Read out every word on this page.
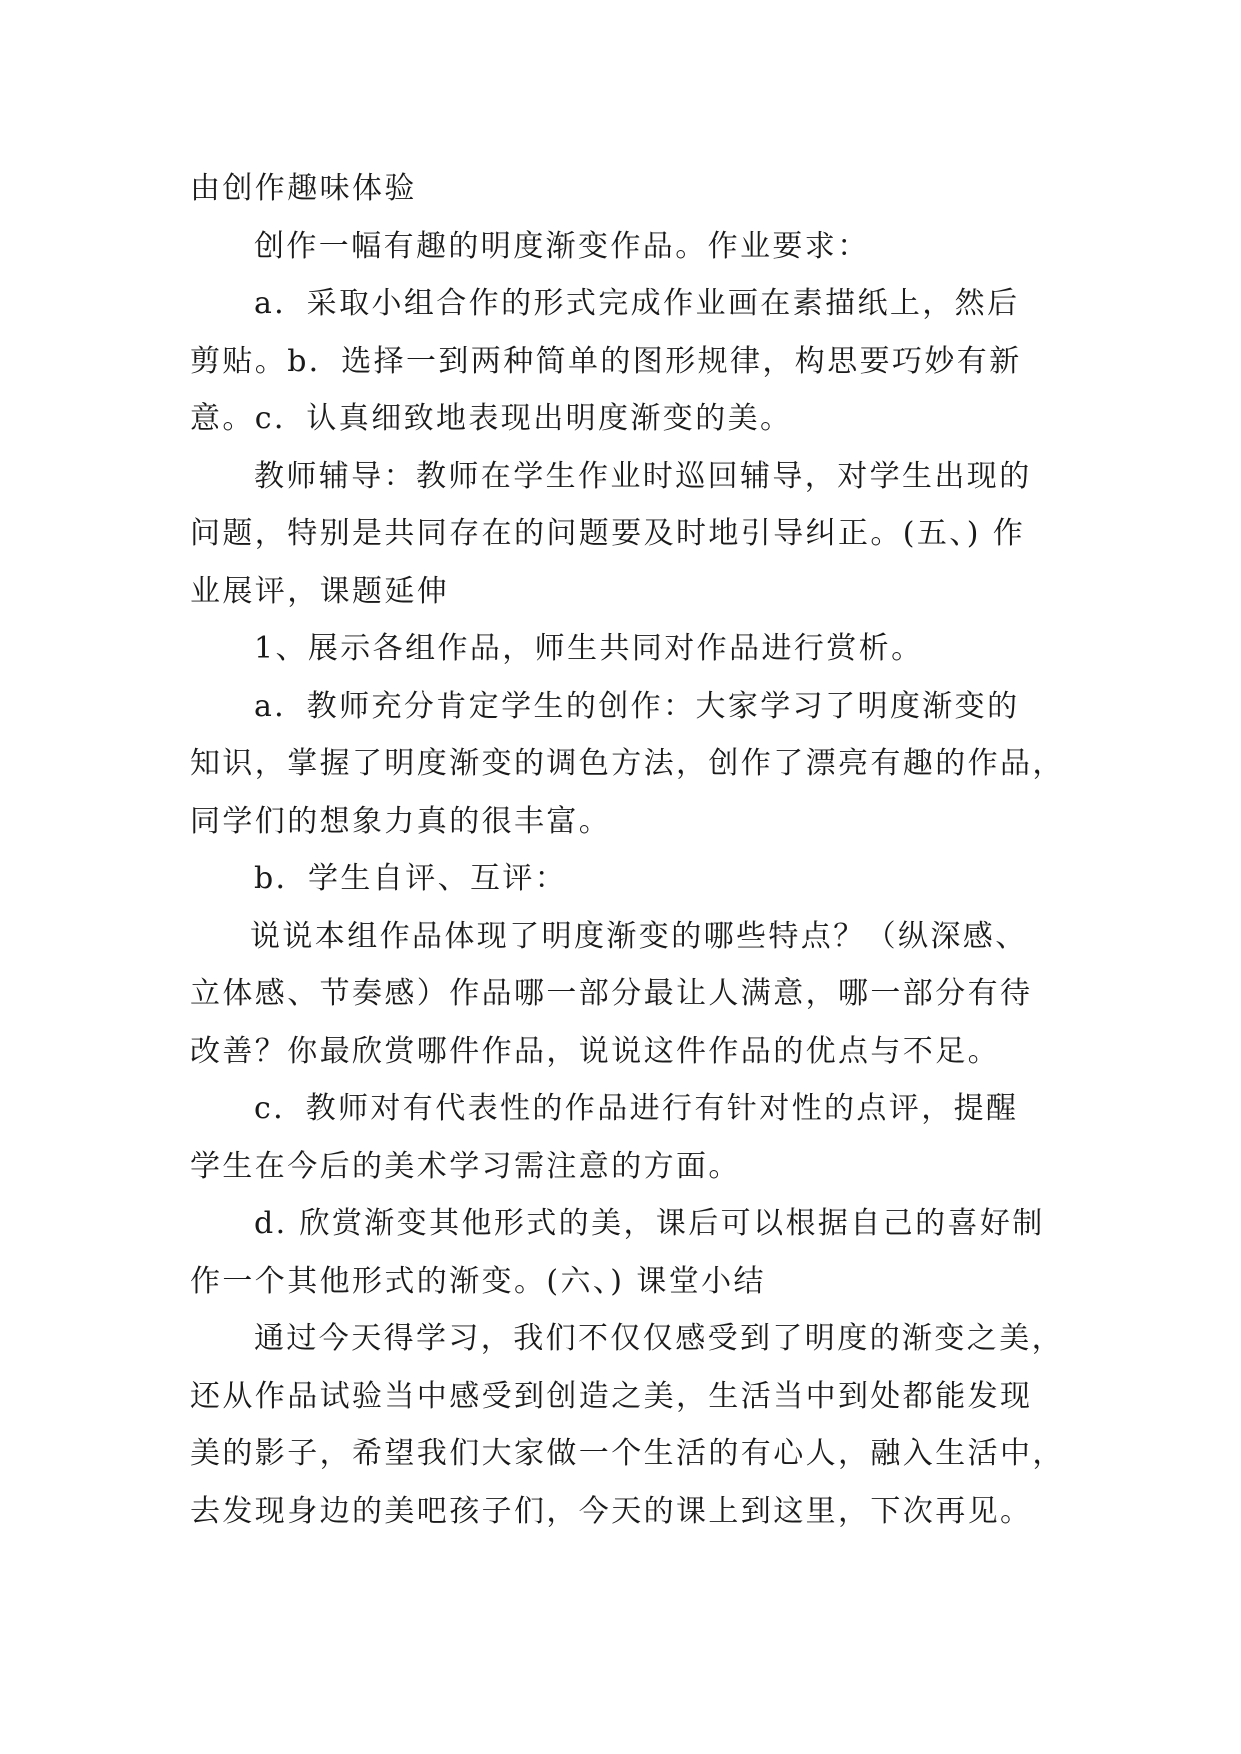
由创作趣味体验
创作一幅有趣的明度渐变作品。作业要求：
a．采取小组合作的形式完成作业画在素描纸上，然后
剪贴。b．选择一到两种简单的图形规律，构思要巧妙有新
意。c．认真细致地表现出明度渐变的美。
教师辅导：教师在学生作业时巡回辅导，对学生出现的
问题，特别是共同存在的问题要及时地引导纠正。(五、) 作
业展评，课题延伸
1、展示各组作品，师生共同对作品进行赏析。
a．教师充分肯定学生的创作：大家学习了明度渐变的
知识，掌握了明度渐变的调色方法，创作了漂亮有趣的作品，
同学们的想象力真的很丰富。
b．学生自评、互评：
说说本组作品体现了明度渐变的哪些特点？（纵深感、
立体感、节奏感）作品哪一部分最让人满意，哪一部分有待
改善？你最欣赏哪件作品，说说这件作品的优点与不足。
c．教师对有代表性的作品进行有针对性的点评，提醒
学生在今后的美术学习需注意的方面。
d. 欣赏渐变其他形式的美，课后可以根据自己的喜好制
作一个其他形式的渐变。(六、) 课堂小结
通过今天得学习，我们不仅仅感受到了明度的渐变之美，
还从作品试验当中感受到创造之美，生活当中到处都能发现
美的影子，希望我们大家做一个生活的有心人，融入生活中，
去发现身边的美吧孩子们，今天的课上到这里，下次再见。
